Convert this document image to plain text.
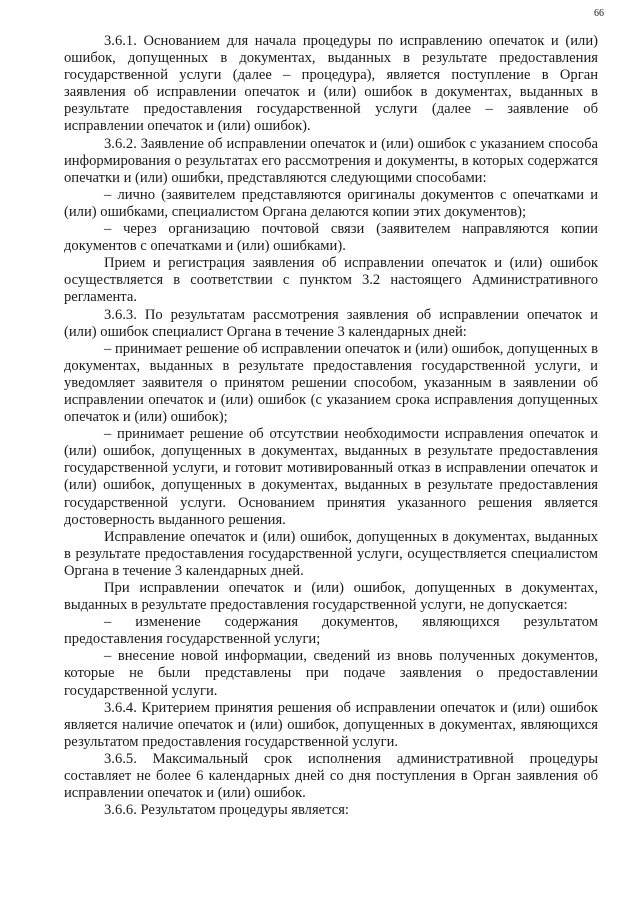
66

3.6.1. Основанием для начала процедуры по исправлению опечаток и (или) ошибок, допущенных в документах, выданных в результате предоставления государственной услуги (далее – процедура), является поступление в Орган заявления об исправлении опечаток и (или) ошибок в документах, выданных в результате предоставления государственной услуги (далее – заявление об исправлении опечаток и (или) ошибок).

3.6.2. Заявление об исправлении опечаток и (или) ошибок с указанием способа информирования о результатах его рассмотрения и документы, в которых содержатся опечатки и (или) ошибки, представляются следующими способами:

– лично (заявителем представляются оригиналы документов с опечатками и (или) ошибками, специалистом Органа делаются копии этих документов);

– через организацию почтовой связи (заявителем направляются копии документов с опечатками и (или) ошибками).

Прием и регистрация заявления об исправлении опечаток и (или) ошибок осуществляется в соответствии с пунктом 3.2 настоящего Административного регламента.

3.6.3. По результатам рассмотрения заявления об исправлении опечаток и (или) ошибок специалист Органа в течение 3 календарных дней:

– принимает решение об исправлении опечаток и (или) ошибок, допущенных в документах, выданных в результате предоставления государственной услуги, и уведомляет заявителя о принятом решении способом, указанным в заявлении об исправлении опечаток и (или) ошибок (с указанием срока исправления допущенных опечаток и (или) ошибок);

– принимает решение об отсутствии необходимости исправления опечаток и (или) ошибок, допущенных в документах, выданных в результате предоставления государственной услуги, и готовит мотивированный отказ в исправлении опечаток и (или) ошибок, допущенных в документах, выданных в результате предоставления государственной услуги. Основанием принятия указанного решения является достоверность выданного решения.

Исправление опечаток и (или) ошибок, допущенных в документах, выданных в результате предоставления государственной услуги, осуществляется специалистом Органа в течение 3 календарных дней.

При исправлении опечаток и (или) ошибок, допущенных в документах, выданных в результате предоставления государственной услуги, не допускается:

– изменение содержания документов, являющихся результатом предоставления государственной услуги;

– внесение новой информации, сведений из вновь полученных документов, которые не были представлены при подаче заявления о предоставлении государственной услуги.

3.6.4. Критерием принятия решения об исправлении опечаток и (или) ошибок является наличие опечаток и (или) ошибок, допущенных в документах, являющихся результатом предоставления государственной услуги.

3.6.5. Максимальный срок исполнения административной процедуры составляет не более 6 календарных дней со дня поступления в Орган заявления об исправлении опечаток и (или) ошибок.

3.6.6. Результатом процедуры является:
